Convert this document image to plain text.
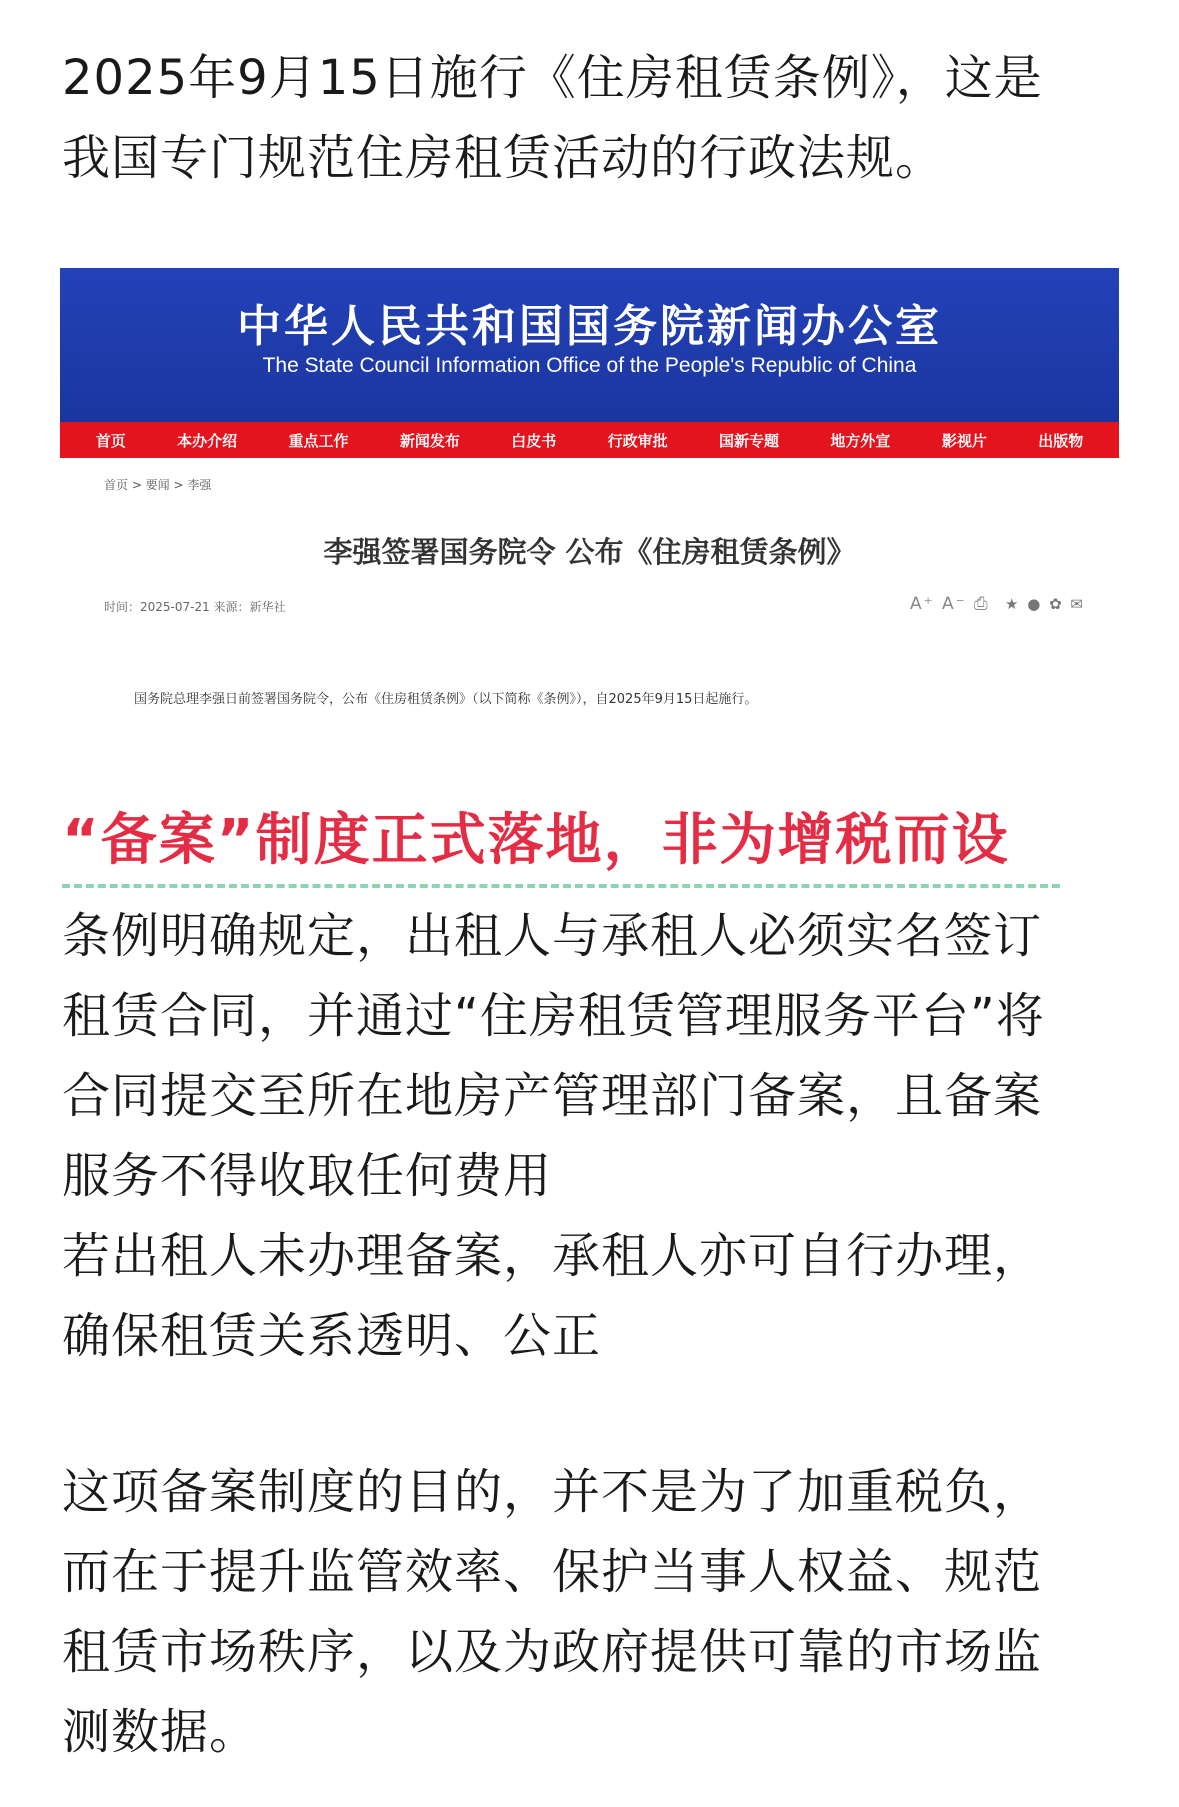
2025年9月15日施行《住房租赁条例》，这是
我国专门规范住房租赁活动的行政法规。

中华人民共和国国务院新闻办公室
The State Council Information Office of the People's Republic of China
首页	本办介绍	重点工作	新闻发布	白皮书	行政审批	国新专题	地方外宣	影视片	出版物
首页 > 要闻 > 李强
李强签署国务院令 公布《住房租赁条例》
时间：2025-07-21 来源：新华社	A⁺ A⁻ ⎙ ★ ● ✿ ✉
国务院总理李强日前签署国务院令，公布《住房租赁条例》（以下简称《条例》），自2025年9月15日起施行。
“备案”制度正式落地，非为增税而设

条例明确规定，出租人与承租人必须实名签订
租赁合同，并通过“住房租赁管理服务平台”将
合同提交至所在地房产管理部门备案，且备案
服务不得收取任何费用
若出租人未办理备案，承租人亦可自行办理，
确保租赁关系透明、公正

这项备案制度的目的，并不是为了加重税负，
而在于提升监管效率、保护当事人权益、规范
租赁市场秩序，以及为政府提供可靠的市场监
测数据。
